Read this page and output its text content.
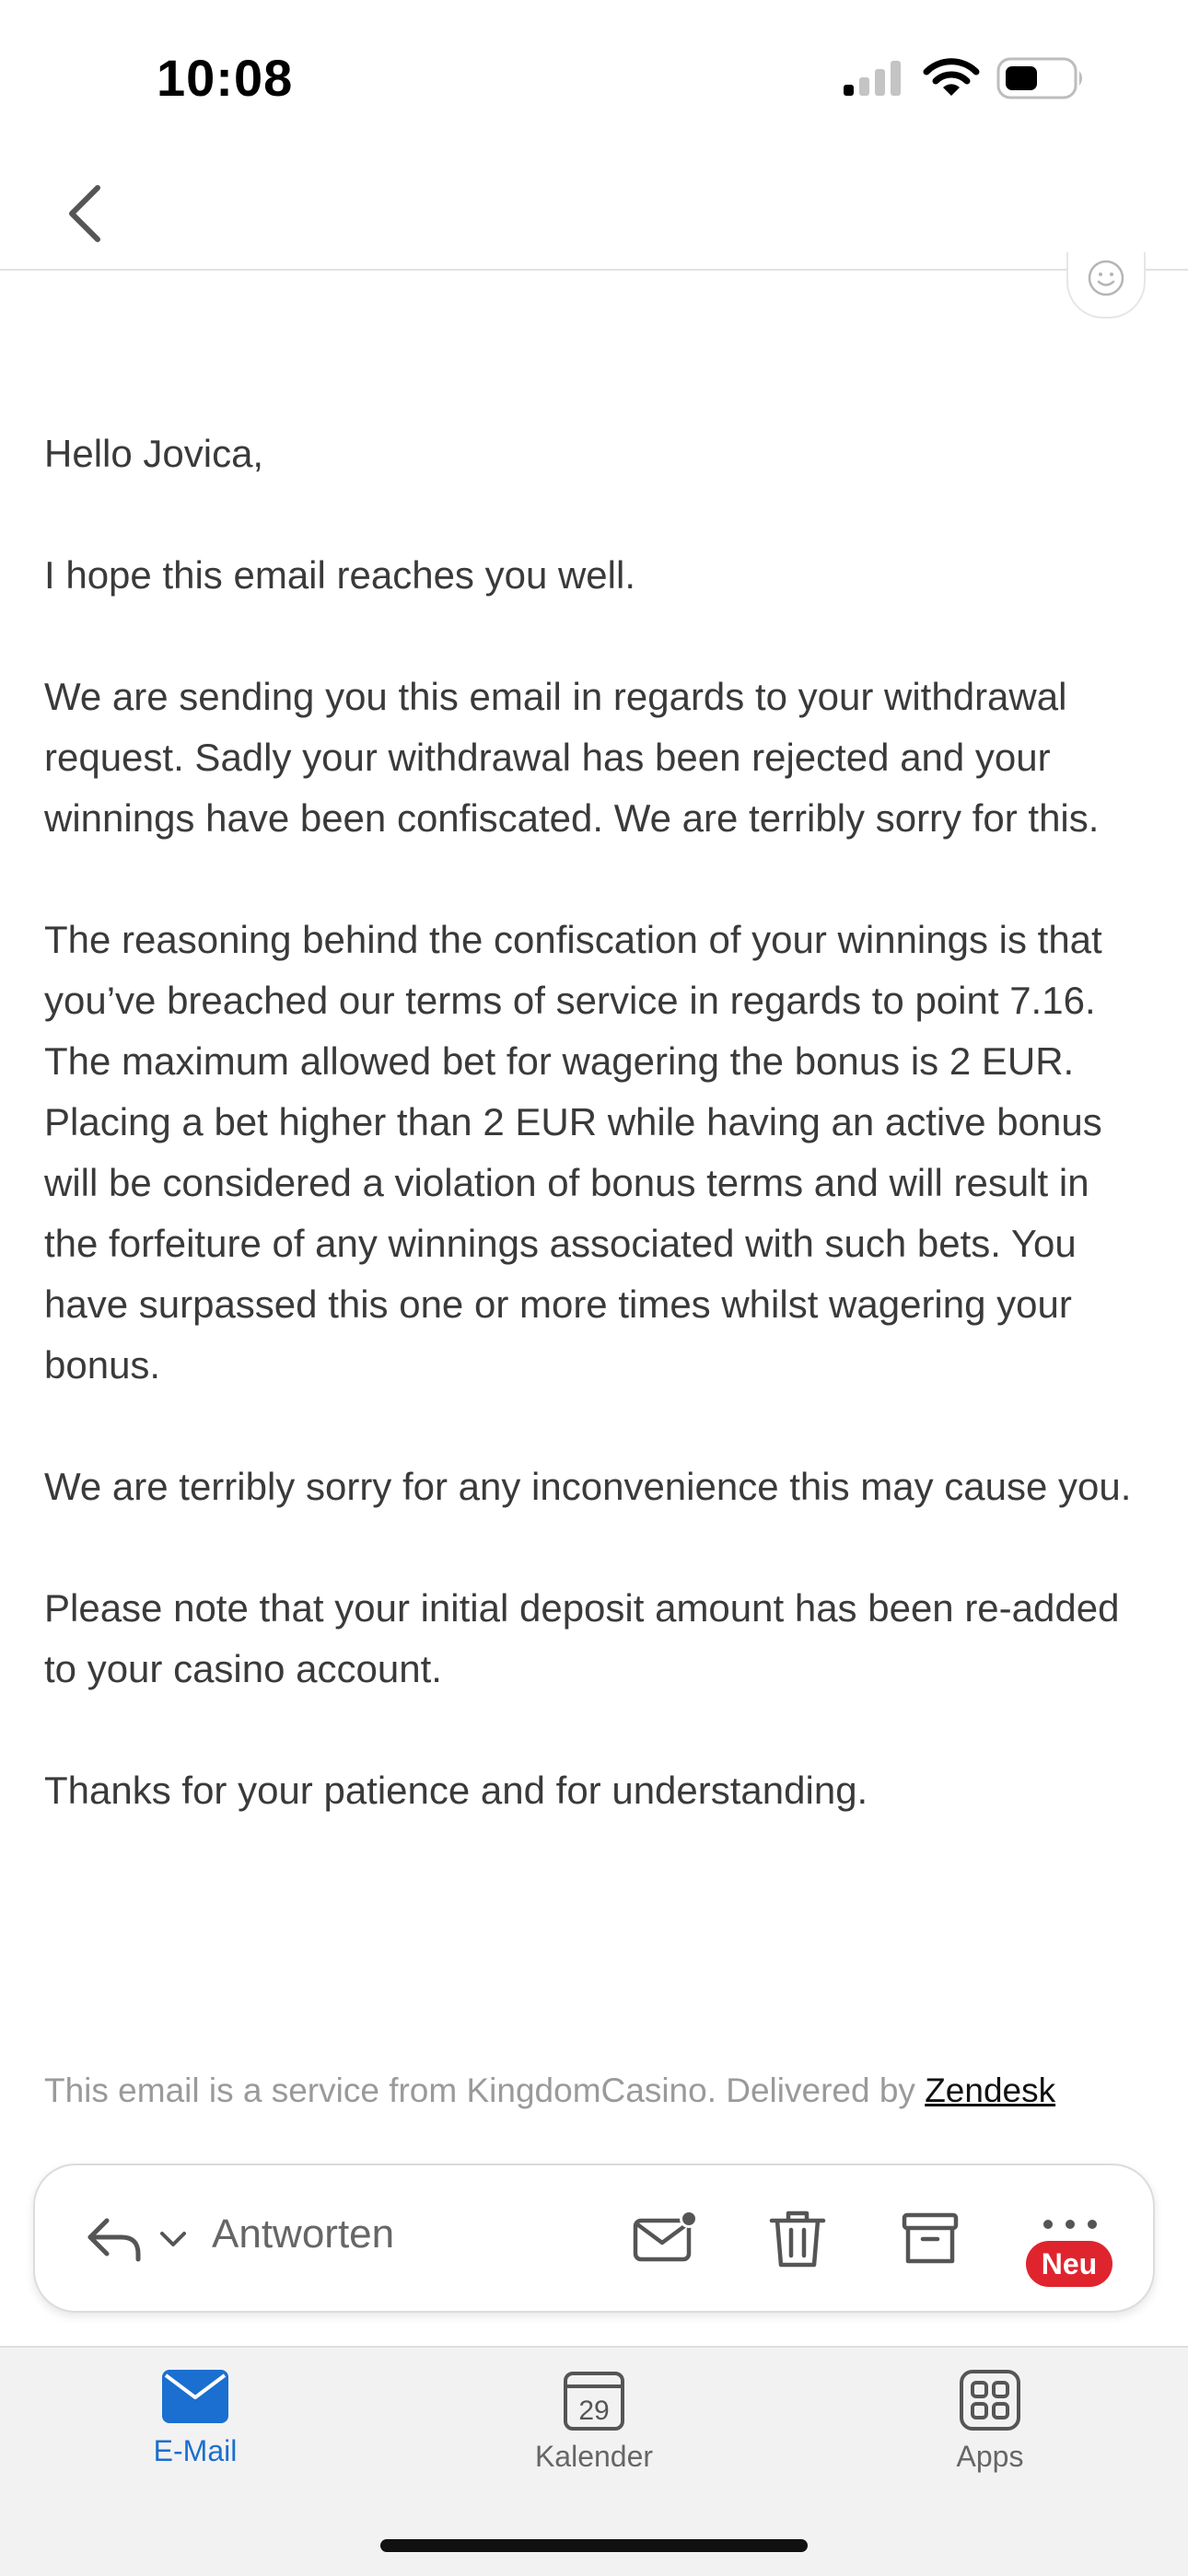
10:08

Hello Jovica,

I hope this email reaches you well.

We are sending you this email in regards to your withdrawal request. Sadly your withdrawal has been rejected and your winnings have been confiscated. We are terribly sorry for this.

The reasoning behind the confiscation of your winnings is that you’ve breached our terms of service in regards to point 7.16. The maximum allowed bet for wagering the bonus is 2 EUR. Placing a bet higher than 2 EUR while having an active bonus will be considered a violation of bonus terms and will result in the forfeiture of any winnings associated with such bets. You have surpassed this one or more times whilst wagering your bonus.

We are terribly sorry for any inconvenience this may cause you.

Please note that your initial deposit amount has been re-added to your casino account.

Thanks for your patience and for understanding.

This email is a service from KingdomCasino. Delivered by Zendesk
Antworten
Neu
E-Mail
29
Kalender	Apps
